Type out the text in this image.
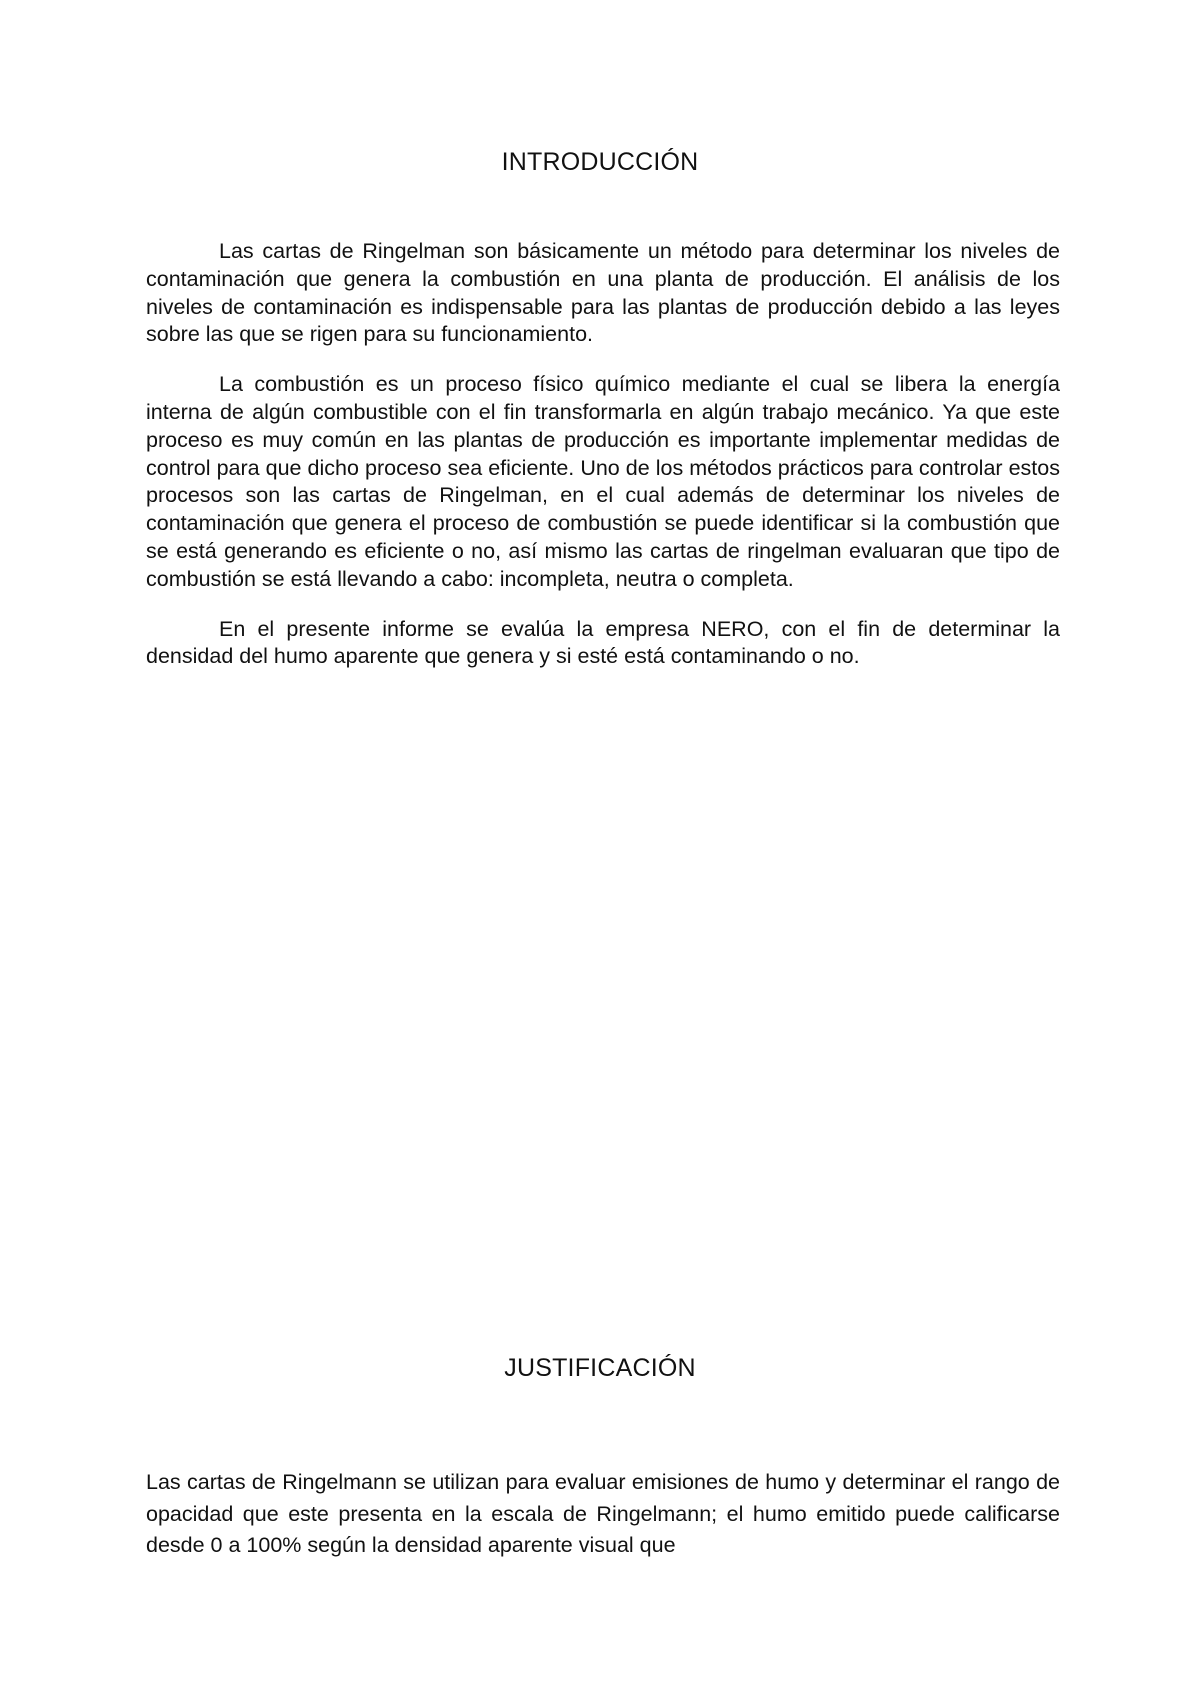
INTRODUCCIÓN

Las cartas de Ringelman son básicamente un método para determinar los niveles de contaminación que genera la combustión en una planta de producción. El análisis de los niveles de contaminación es indispensable para las plantas de producción debido a las leyes sobre las que se rigen para su funcionamiento.

La combustión es un proceso físico químico mediante el cual se libera la energía interna de algún combustible con el fin transformarla en algún trabajo mecánico. Ya que este proceso es muy común en las plantas de producción es importante implementar medidas de control para que dicho proceso sea eficiente. Uno de los métodos prácticos para controlar estos procesos son las cartas de Ringelman, en el cual además de determinar los niveles de contaminación que genera el proceso de combustión se puede identificar si la combustión que se está generando es eficiente o no, así mismo las cartas de ringelman evaluaran que tipo de combustión se está llevando a cabo: incompleta, neutra o completa.

En el presente informe se evalúa la empresa NERO, con el fin de determinar la densidad del humo aparente que genera y si esté está contaminando o no.

JUSTIFICACIÓN

Las cartas de Ringelmann se utilizan para evaluar emisiones de humo y determinar el rango de opacidad que este presenta en la escala de Ringelmann; el humo emitido puede calificarse desde 0 a 100% según la densidad aparente visual que
